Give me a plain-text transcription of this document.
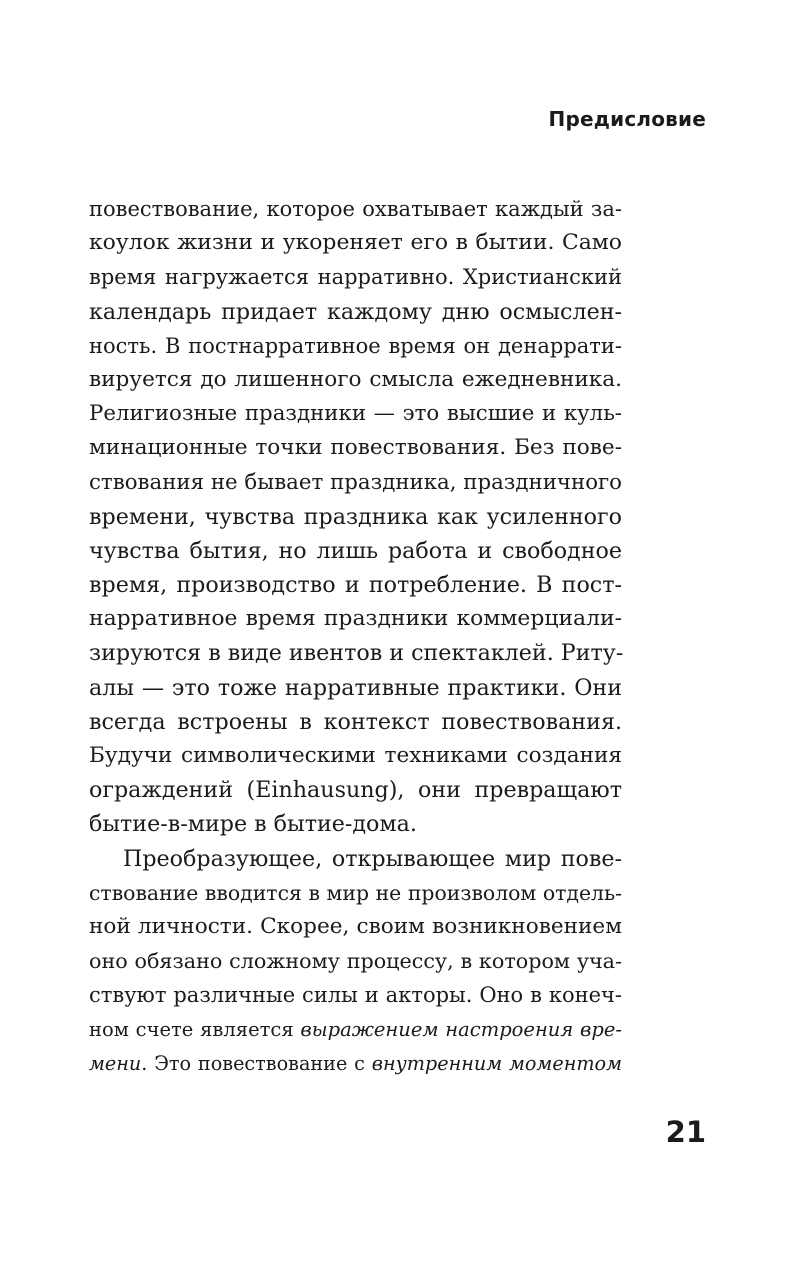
Предисловие
повествование, которое охватывает каждый за-
коулок жизни и укореняет его в бытии. Само
время нагружается нарративно. Христианский
календарь придает каждому дню осмыслен-
ность. В постнарративное время он денаррати-
вируется до лишенного смысла ежедневника.
Религиозные праздники — это высшие и куль-
минационные точки повествования. Без пове-
ствования не бывает праздника, праздничного
времени, чувства праздника как усиленного
чувства бытия, но лишь работа и свободное
время, производство и потребление. В пост-
нарративное время праздники коммерциали-
зируются в виде ивентов и спектаклей. Риту-
алы — это тоже нарративные практики. Они
всегда встроены в контекст повествования.
Будучи символическими техниками создания
ограждений (Einhausung), они превращают
бытие-в-мире в бытие-дома.
Преобразующее, открывающее мир пове-
ствование вводится в мир не произволом отдель-
ной личности. Скорее, своим возникновением
оно обязано сложному процессу, в котором уча-
ствуют различные силы и акторы. Оно в конеч-
ном счете является выражением настроения вре-
мени. Это повествование с внутренним моментом
21
